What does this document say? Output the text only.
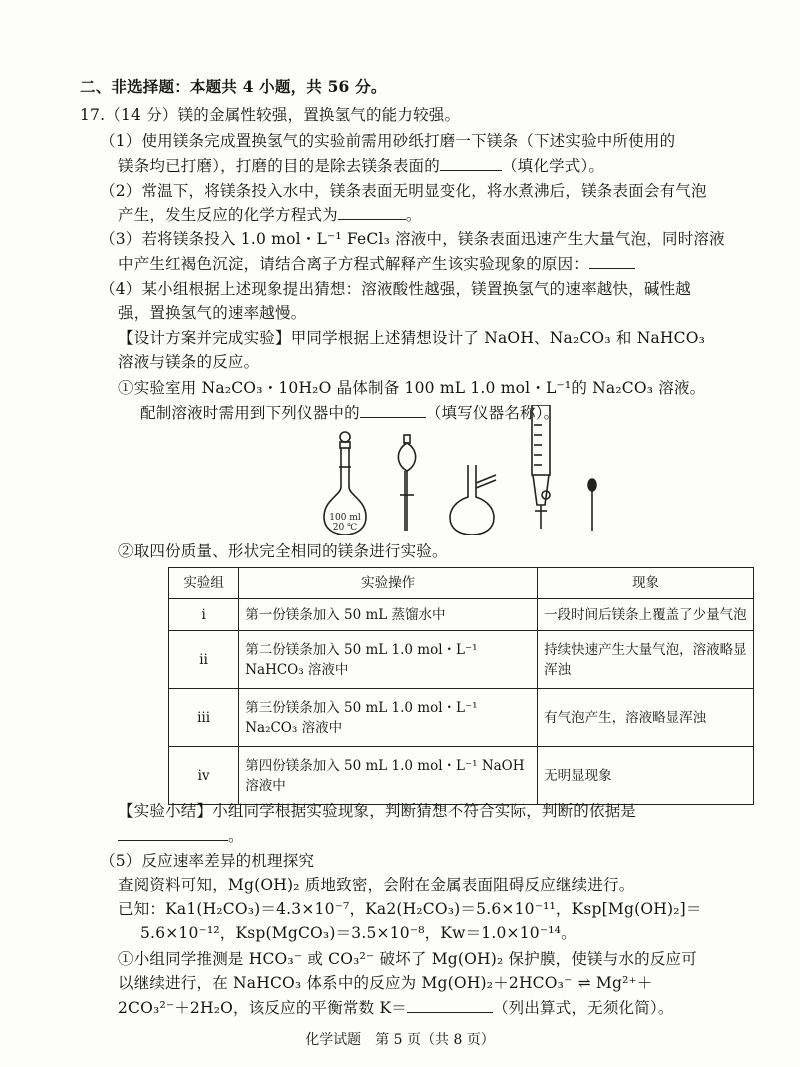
二、非选择题：本题共 4 小题，共 56 分。
17.（14 分）镁的金属性较强，置换氢气的能力较强。
（1）使用镁条完成置换氢气的实验前需用砂纸打磨一下镁条（下述实验中所使用的
镁条均已打磨），打磨的目的是除去镁条表面的	（填化学式）。
（2）常温下，将镁条投入水中，镁条表面无明显变化，将水煮沸后，镁条表面会有气泡
产生，发生反应的化学方程式为	。
（3）若将镁条投入 1.0 mol・L⁻¹ FeCl₃ 溶液中，镁条表面迅速产生大量气泡，同时溶液
中产生红褐色沉淀，请结合离子方程式解释产生该实验现象的原因：
（4）某小组根据上述现象提出猜想：溶液酸性越强，镁置换氢气的速率越快，碱性越
强，置换氢气的速率越慢。
【设计方案并完成实验】甲同学根据上述猜想设计了 NaOH、Na₂CO₃ 和 NaHCO₃
溶液与镁条的反应。
①实验室用 Na₂CO₃・10H₂O 晶体制备 100 mL 1.0 mol・L⁻¹的 Na₂CO₃ 溶液。
配制溶液时需用到下列仪器中的	（填写仪器名称）。
100 ml
20 ℃
②取四份质量、形状完全相同的镁条进行实验。
实验组	实验操作	现象
ⅰ	第一份镁条加入 50 mL 蒸馏水中	一段时间后镁条上覆盖了少量气泡
ⅱ	第二份镁条加入 50 mL 1.0 mol・L⁻¹ NaHCO₃ 溶液中	持续快速产生大量气泡，溶液略显浑浊
ⅲ	第三份镁条加入 50 mL 1.0 mol・L⁻¹ Na₂CO₃ 溶液中	有气泡产生，溶液略显浑浊
ⅳ	第四份镁条加入 50 mL 1.0 mol・L⁻¹ NaOH 溶液中	无明显现象
【实验小结】小组同学根据实验现象，判断猜想不符合实际，判断的依据是
。
（5）反应速率差异的机理探究
查阅资料可知，Mg(OH)₂ 质地致密，会附在金属表面阻碍反应继续进行。
已知：Ka1(H₂CO₃)＝4.3×10⁻⁷，Ka2(H₂CO₃)＝5.6×10⁻¹¹，Ksp[Mg(OH)₂]＝
5.6×10⁻¹²，Ksp(MgCO₃)＝3.5×10⁻⁸，Kw＝1.0×10⁻¹⁴。
①小组同学推测是 HCO₃⁻ 或 CO₃²⁻ 破坏了 Mg(OH)₂ 保护膜，使镁与水的反应可
以继续进行，在 NaHCO₃ 体系中的反应为 Mg(OH)₂＋2HCO₃⁻ ⇌ Mg²⁺＋
2CO₃²⁻＋2H₂O，该反应的平衡常数 K＝	（列出算式，无须化简）。
化学试题　第 5 页（共 8 页）
